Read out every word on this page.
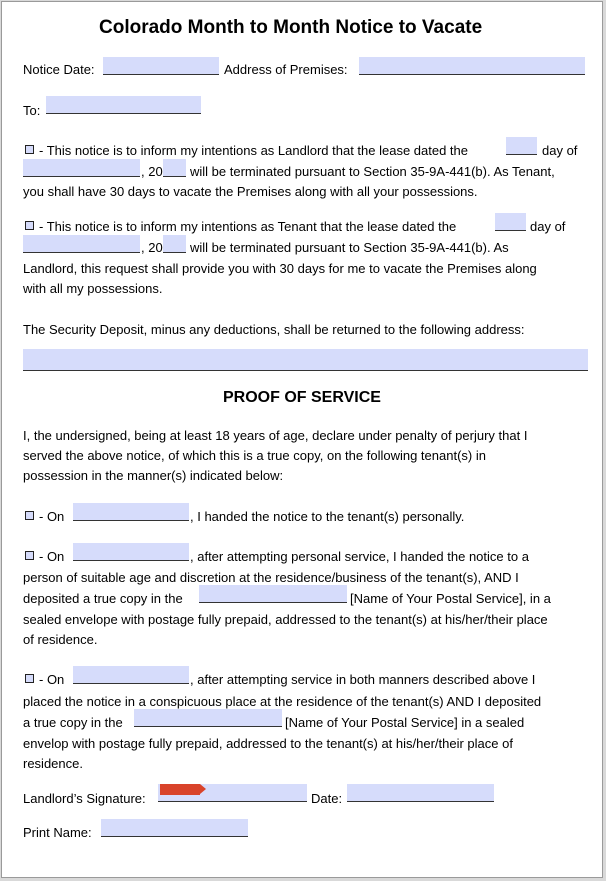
Colorado Month to Month Notice to Vacate
Notice Date:	Address of Premises:
To:
- This notice is to inform my intentions as Landlord that the lease dated the	day of
, 20 will be terminated pursuant to Section 35-9A-441(b). As Tenant,
you shall have 30 days to vacate the Premises along with all your possessions.
- This notice is to inform my intentions as Tenant that the lease dated the	day of
, 20 will be terminated pursuant to Section 35-9A-441(b). As
Landlord, this request shall provide you with 30 days for me to vacate the Premises along
with all my possessions.
The Security Deposit, minus any deductions, shall be returned to the following address:
PROOF OF SERVICE
I, the undersigned, being at least 18 years of age, declare under penalty of perjury that I
served the above notice, of which this is a true copy, on the following tenant(s) in
possession in the manner(s) indicated below:
- On	, I handed the notice to the tenant(s) personally.
- On	, after attempting personal service, I handed the notice to a
person of suitable age and discretion at the residence/business of the tenant(s), AND I
deposited a true copy in the	[Name of Your Postal Service], in a
sealed envelope with postage fully prepaid, addressed to the tenant(s) at his/her/their place
of residence.
- On	, after attempting service in both manners described above I
placed the notice in a conspicuous place at the residence of the tenant(s) AND I deposited
a true copy in the	[Name of Your Postal Service] in a sealed
envelop with postage fully prepaid, addressed to the tenant(s) at his/her/their place of
residence.
Landlord’s Signature:	Date:
Print Name:
